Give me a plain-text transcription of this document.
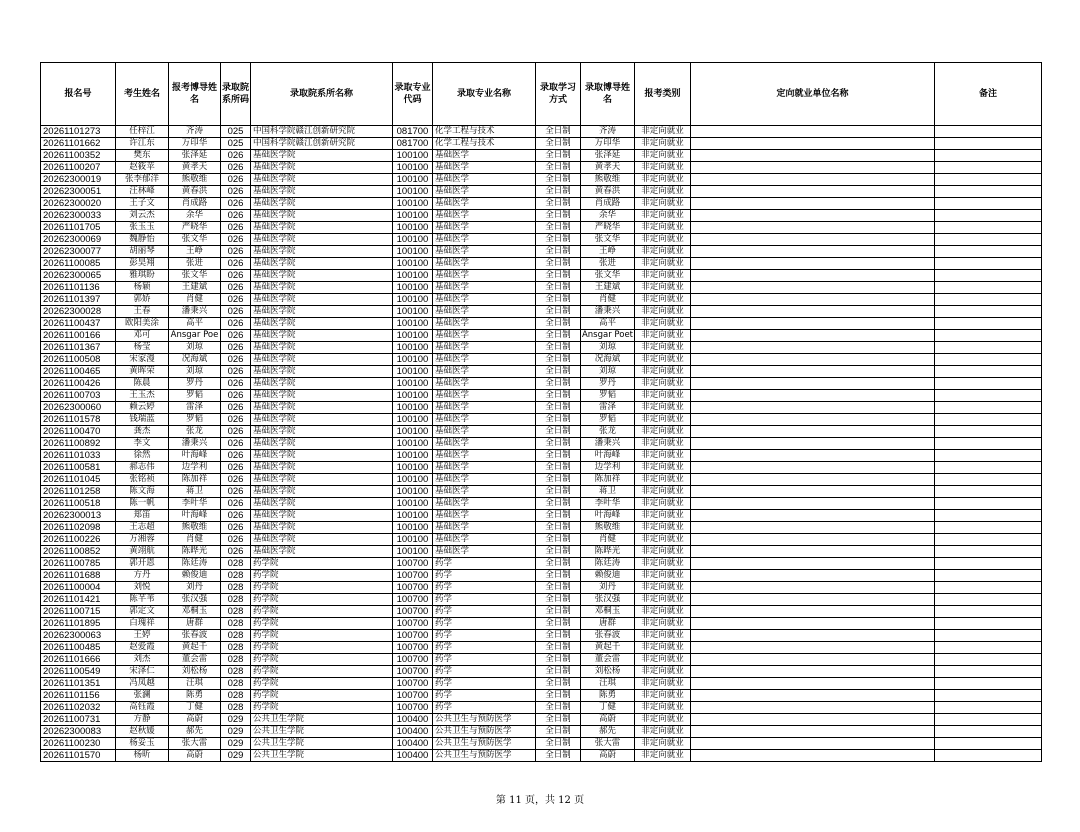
报名号	考生姓名	报考博导姓名	录取院系所码	录取院系所名称	录取专业代码	录取专业名称	录取学习方式	录取博导姓名	报考类别	定向就业单位名称	备注
20261101273	任梓江	齐涛	025	中国科学院赣江创新研究院	081700	化学工程与技术	全日制	齐涛	非定向就业		
20261101662	许江东	万印华	025	中国科学院赣江创新研究院	081700	化学工程与技术	全日制	万印华	非定向就业		
20261100352	樊东	张泽延	026	基础医学院	100100	基础医学	全日制	张泽延	非定向就业		
20261100207	赵筱苹	黄孝天	026	基础医学院	100100	基础医学	全日制	黄孝天	非定向就业		
20262300019	张李郁洋	熊敬维	026	基础医学院	100100	基础医学	全日制	熊敬维	非定向就业		
20262300051	汪林峰	黄春洪	026	基础医学院	100100	基础医学	全日制	黄春洪	非定向就业		
20262300020	王子文	肖成路	026	基础医学院	100100	基础医学	全日制	肖成路	非定向就业		
20262300033	刘云杰	余华	026	基础医学院	100100	基础医学	全日制	余华	非定向就业		
20261101705	张玉玉	严晓华	026	基础医学院	100100	基础医学	全日制	严晓华	非定向就业		
20262300069	魏静怡	张文华	026	基础医学院	100100	基础医学	全日制	张文华	非定向就业		
20262300077	胡丽琴	王峥	026	基础医学院	100100	基础医学	全日制	王峥	非定向就业		
20261100085	彭昊翔	张进	026	基础医学院	100100	基础医学	全日制	张进	非定向就业		
20262300065	雅琪盼	张文华	026	基础医学院	100100	基础医学	全日制	张文华	非定向就业		
20261101136	杨颖	王建斌	026	基础医学院	100100	基础医学	全日制	王建斌	非定向就业		
20261101397	郭娇	肖健	026	基础医学院	100100	基础医学	全日制	肖健	非定向就业		
20262300028	王春	潘秉兴	026	基础医学院	100100	基础医学	全日制	潘秉兴	非定向就业		
20261100437	欧阳美涂	高平	026	基础医学院	100100	基础医学	全日制	高平	非定向就业		
20261100166	邓可	Ansgar Poe	026	基础医学院	100100	基础医学	全日制	Ansgar Poet	非定向就业		
20261101367	杨莹	刘琼	026	基础医学院	100100	基础医学	全日制	刘琼	非定向就业		
20261100508	宋家漫	况海斌	026	基础医学院	100100	基础医学	全日制	况海斌	非定向就业		
20261100465	黄晖荣	刘琼	026	基础医学院	100100	基础医学	全日制	刘琼	非定向就业		
20261100426	陈晨	罗丹	026	基础医学院	100100	基础医学	全日制	罗丹	非定向就业		
20261100703	王玉杰	罗韬	026	基础医学院	100100	基础医学	全日制	罗韬	非定向就业		
20262300060	赖云婷	雷泽	026	基础医学院	100100	基础医学	全日制	雷泽	非定向就业		
20261101578	钱瑞蓝	罗韬	026	基础医学院	100100	基础医学	全日制	罗韬	非定向就业		
20261100470	龚杰	张龙	026	基础医学院	100100	基础医学	全日制	张龙	非定向就业		
20261100892	李文	潘秉兴	026	基础医学院	100100	基础医学	全日制	潘秉兴	非定向就业		
20261101033	徐然	叶海峰	026	基础医学院	100100	基础医学	全日制	叶海峰	非定向就业		
20261100581	郝志伟	边学利	026	基础医学院	100100	基础医学	全日制	边学利	非定向就业		
20261101045	张铭祯	陈加祥	026	基础医学院	100100	基础医学	全日制	陈加祥	非定向就业		
20261101258	陈文海	蒋卫	026	基础医学院	100100	基础医学	全日制	蒋卫	非定向就业		
20261100518	陈一帆	李叶华	026	基础医学院	100100	基础医学	全日制	李叶华	非定向就业		
20262300013	郑笛	叶海峰	026	基础医学院	100100	基础医学	全日制	叶海峰	非定向就业		
20261102098	王志超	熊敬维	026	基础医学院	100100	基础医学	全日制	熊敬维	非定向就业		
20261100226	万湘蓉	肖健	026	基础医学院	100100	基础医学	全日制	肖健	非定向就业		
20261100852	黄翊航	陈晔光	026	基础医学院	100100	基础医学	全日制	陈晔光	非定向就业		
20261100785	郭开恩	陈廷涛	028	药学院	100700	药学	全日制	陈廷涛	非定向就业		
20261101688	方丹	赖俊迪	028	药学院	100700	药学	全日制	赖俊迪	非定向就业		
20261100004	刘悦	刘丹	028	药学院	100700	药学	全日制	刘丹	非定向就业		
20261101421	陈芊苇	张汉强	028	药学院	100700	药学	全日制	张汉强	非定向就业		
20261100715	郭定文	邓桐玉	028	药学院	100700	药学	全日制	邓桐玉	非定向就业		
20261101895	白瑰祥	唐群	028	药学院	100700	药学	全日制	唐群	非定向就业		
20262300063	王婷	张春波	028	药学院	100700	药学	全日制	张春波	非定向就业		
20261100485	赵爱霞	黄起千	028	药学院	100700	药学	全日制	黄起千	非定向就业		
20261101666	刘杰	董会雷	028	药学院	100700	药学	全日制	董会雷	非定向就业		
20261100549	宋泽仁	刘松杨	028	药学院	100700	药学	全日制	刘松杨	非定向就业		
20261101351	冯凤越	汪琪	028	药学院	100700	药学	全日制	汪琪	非定向就业		
20261101156	张澜	陈勇	028	药学院	100700	药学	全日制	陈勇	非定向就业		
20261102032	高钰霞	丁健	028	药学院	100700	药学	全日制	丁健	非定向就业		
20261100731	方静	高蔚	029	公共卫生学院	100400	公共卫生与预防医学	全日制	高蔚	非定向就业		
20262300083	赵秋媛	郝先	029	公共卫生学院	100400	公共卫生与预防医学	全日制	郝先	非定向就业		
20261100230	杨妥玉	张大雷	029	公共卫生学院	100400	公共卫生与预防医学	全日制	张大雷	非定向就业		
20261101570	杨昕	高蔚	029	公共卫生学院	100400	公共卫生与预防医学	全日制	高蔚	非定向就业		
第 11 页，共 12 页
